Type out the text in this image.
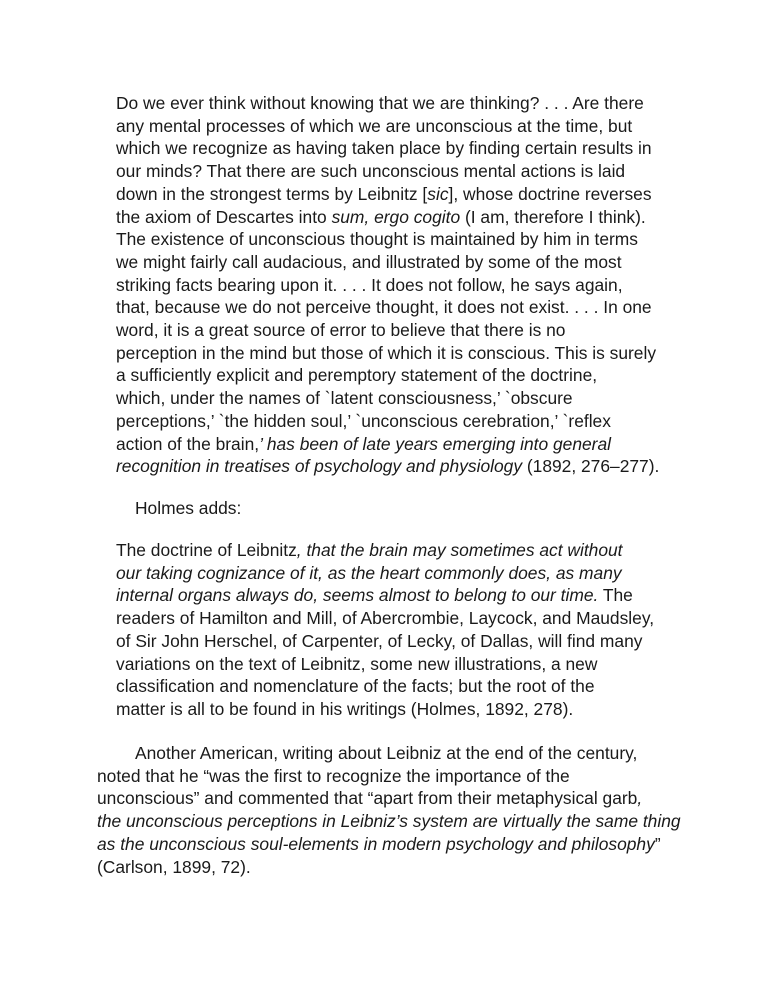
Do we ever think without knowing that we are thinking? . . . Are there
any mental processes of which we are unconscious at the time, but
which we recognize as having taken place by finding certain results in
our minds? That there are such unconscious mental actions is laid
down in the strongest terms by Leibnitz [sic], whose doctrine reverses
the axiom of Descartes into sum, ergo cogito (I am, therefore I think).
The existence of unconscious thought is maintained by him in terms
we might fairly call audacious, and illustrated by some of the most
striking facts bearing upon it. . . . It does not follow, he says again,
that, because we do not perceive thought, it does not exist. . . . In one
word, it is a great source of error to believe that there is no
perception in the mind but those of which it is conscious. This is surely
a sufficiently explicit and peremptory statement of the doctrine,
which, under the names of `latent consciousness,’ `obscure
perceptions,’ `the hidden soul,’ `unconscious cerebration,’ `reflex
action of the brain,’ has been of late years emerging into general
recognition in treatises of psychology and physiology (1892, 276–277).
Holmes adds:
The doctrine of Leibnitz, that the brain may sometimes act without
our taking cognizance of it, as the heart commonly does, as many
internal organs always do, seems almost to belong to our time. The
readers of Hamilton and Mill, of Abercrombie, Laycock, and Maudsley,
of Sir John Herschel, of Carpenter, of Lecky, of Dallas, will find many
variations on the text of Leibnitz, some new illustrations, a new
classification and nomenclature of the facts; but the root of the
matter is all to be found in his writings (Holmes, 1892, 278).
Another American, writing about Leibniz at the end of the century,
noted that he “was the first to recognize the importance of the
unconscious” and commented that “apart from their metaphysical garb,
the unconscious perceptions in Leibniz’s system are virtually the same thing
as the unconscious soul-elements in modern psychology and philosophy”
(Carlson, 1899, 72).
